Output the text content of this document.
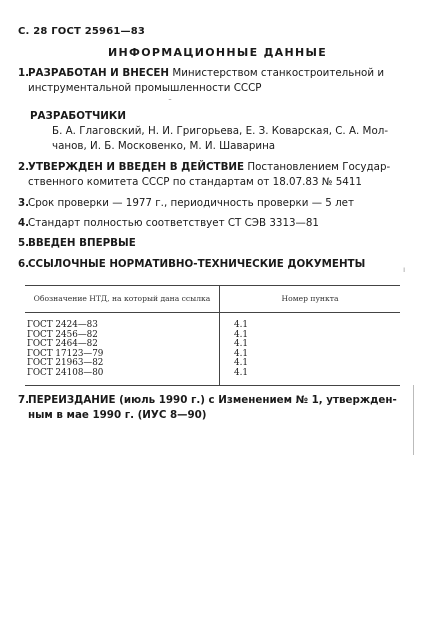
С. 28 ГОСТ 25961—83
ИНФОРМАЦИОННЫЕ ДАННЫЕ
1.
РАЗРАБОТАН И ВНЕСЕН Министерством станкостроительной и
инструментальной промышленности СССР
˜
РАЗРАБОТЧИКИ
Б. А. Глаговский, Н. И. Григорьева, Е. З. Коварская, С. А. Мол-
чанов, И. Б. Московенко, М. И. Шаварина
2.
УТВЕРЖДЕН И ВВЕДЕН В ДЕЙСТВИЕ Постановлением Государ-
ственного комитета СССР по стандартам от 18.07.83 № 5411
3.
Срок проверки — 1977 г., периодичность проверки — 5 лет
4.
Стандарт полностью соответствует СТ СЭВ 3313—81
5.
ВВЕДЕН ВПЕРВЫЕ
6.
ССЫЛОЧНЫЕ НОРМАТИВНО-ТЕХНИЧЕСКИЕ ДОКУМЕНТЫ	ı
Обозначение НТД, на который дана ссылка	Номер пункта
ГОСТ 2424—83	4.1
ГОСТ 2456—82	4.1
ГОСТ 2464—82	4.1
ГОСТ 17123—79	4.1
ГОСТ 21963—82	4.1
ГОСТ 24108—80	4.1
7.
ПЕРЕИЗДАНИЕ (июль 1990 г.) с Изменением № 1, утвержден-
ным в мае 1990 г. (ИУС 8—90)
